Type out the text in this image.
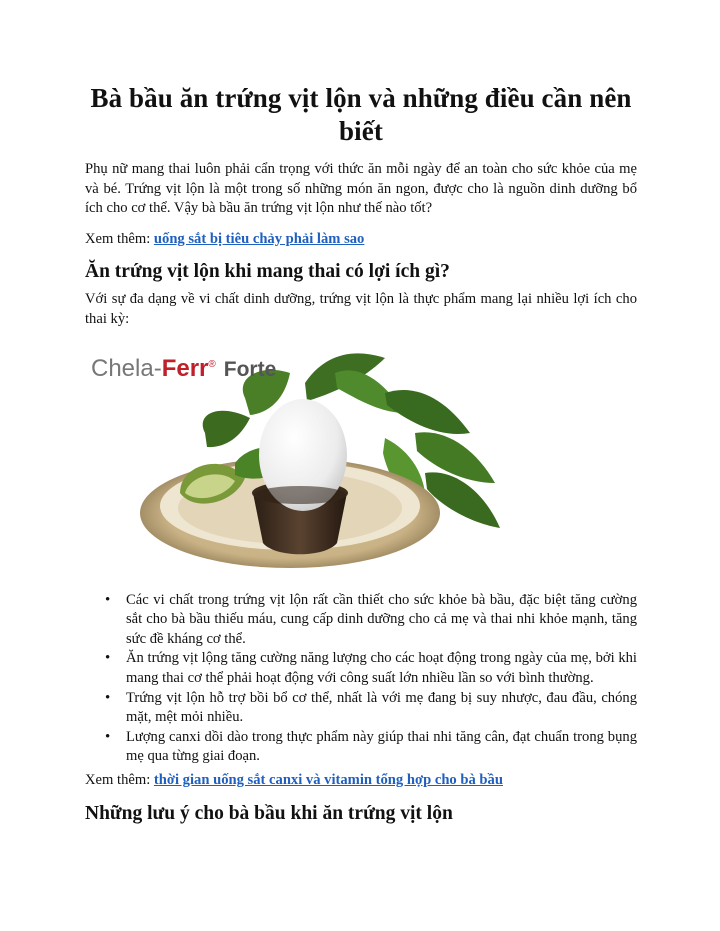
Bà bầu ăn trứng vịt lộn và những điều cần nên biết

Phụ nữ mang thai luôn phải cẩn trọng với thức ăn mỗi ngày để an toàn cho sức khỏe của mẹ và bé. Trứng vịt lộn là một trong số những món ăn ngon, được cho là nguồn dinh dưỡng bổ ích cho cơ thể. Vậy bà bầu ăn trứng vịt lộn như thế nào tốt?

Xem thêm: uống sắt bị tiêu chảy phải làm sao

Ăn trứng vịt lộn khi mang thai có lợi ích gì?

Với sự đa dạng về vi chất dinh dưỡng, trứng vịt lộn là thực phẩm mang lại nhiều lợi ích cho thai kỳ:

Chela-Ferr® Forte
• Các vi chất trong trứng vịt lộn rất cần thiết cho sức khỏe bà bầu, đặc biệt tăng cường sắt cho bà bầu thiếu máu, cung cấp dinh dưỡng cho cả mẹ và thai nhi khỏe mạnh, tăng sức đề kháng cơ thể.
• Ăn trứng vịt lộng tăng cường năng lượng cho các hoạt động trong ngày của mẹ, bởi khi mang thai cơ thể phải hoạt động với công suất lớn nhiều lần so với bình thường.
• Trứng vịt lộn hỗ trợ bồi bổ cơ thể, nhất là với mẹ đang bị suy nhược, đau đầu, chóng mặt, mệt mỏi nhiều.
• Lượng canxi dồi dào trong thực phẩm này giúp thai nhi tăng cân, đạt chuẩn trong bụng mẹ qua từng giai đoạn.

Xem thêm: thời gian uống sắt canxi và vitamin tổng hợp cho bà bầu

Những lưu ý cho bà bầu khi ăn trứng vịt lộn
